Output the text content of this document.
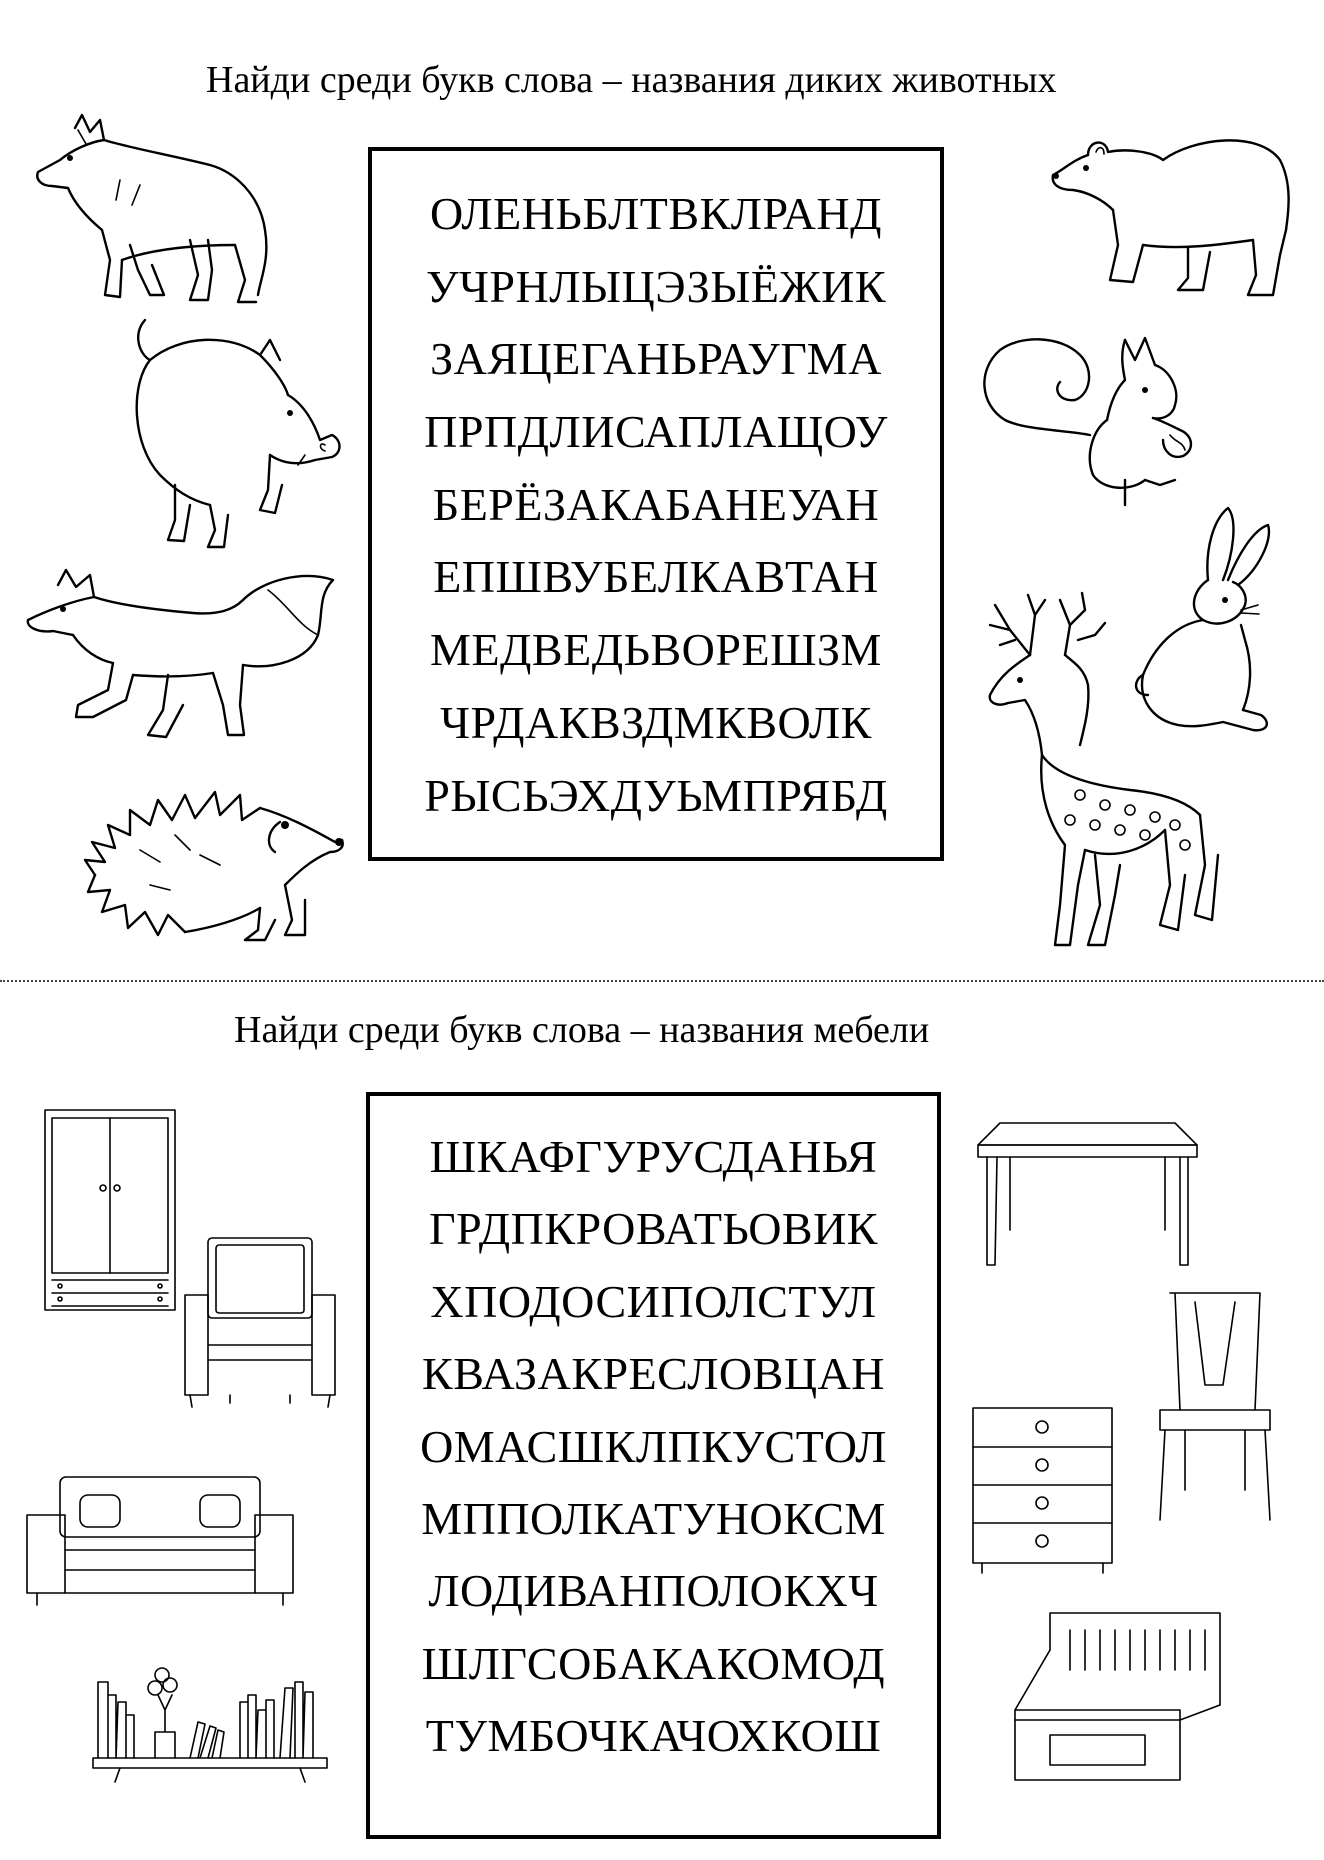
Найди среди букв слова – названия диких животных
ОЛЕНЬБЛТВКЛРАНД
УЧРНЛЫЦЭЗЫЁЖИК
ЗАЯЦЕГАНЬРАУГМА
ПРПДЛИСАПЛАЩОУ
БЕРЁЗАКАБАНЕУАН
ЕПШВУБЕЛКАВТАН
МЕДВЕДЬВОРЕШЗМ
ЧРДАКВЗДМКВОЛК
РЫСЬЭХДУЬМПРЯБД
Найди среди букв слова – названия мебели
ШКАФГУРУСДАНЬЯ
ГРДПКРОВАТЬОВИК
ХПОДОСИПОЛСТУЛ
КВАЗАКРЕСЛОВЦАН
ОМАСШКЛПКУСТОЛ
МППОЛКАТУНОКСМ
ЛОДИВАНПОЛОКХЧ
ШЛГСОБАКАКОМОД
ТУМБОЧКАЧОХКОШ
